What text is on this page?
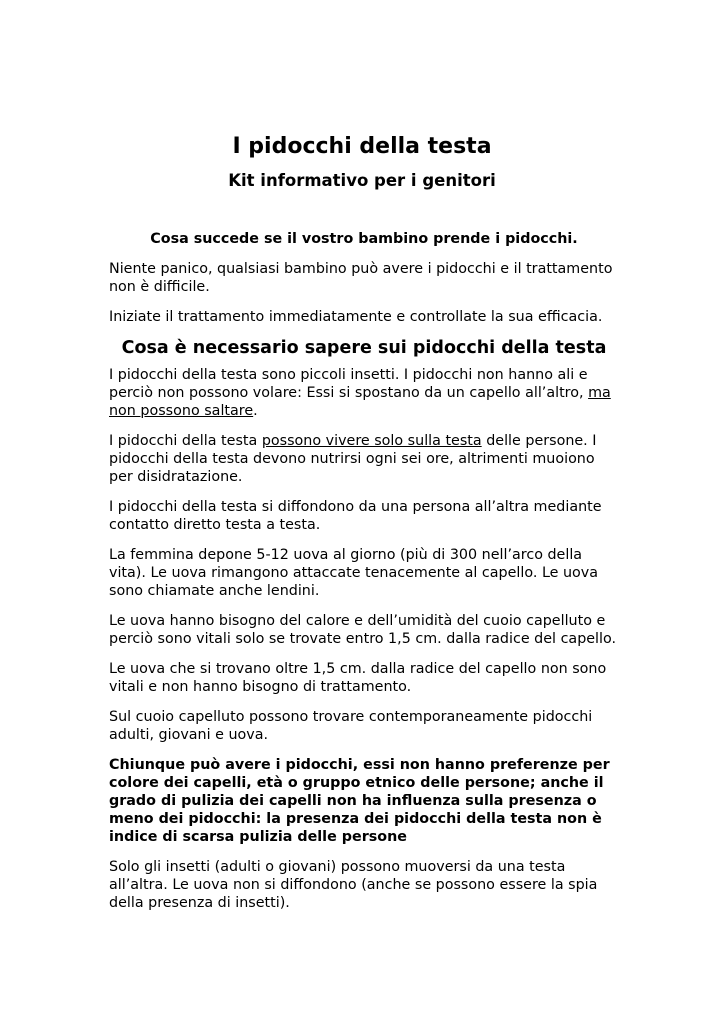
I pidocchi della testa
Kit informativo per i genitori

Cosa succede se il vostro bambino prende i pidocchi.

Niente panico, qualsiasi bambino può avere i pidocchi e il trattamento non è difficile.

Iniziate il trattamento immediatamente e controllate la sua efficacia.

Cosa è necessario sapere sui pidocchi della testa

I pidocchi della testa sono piccoli insetti. I pidocchi non hanno ali e perciò non possono volare: Essi si spostano da un capello all’altro, ma non possono saltare.

I pidocchi della testa possono vivere solo sulla testa delle persone. I pidocchi della testa devono nutrirsi ogni sei ore, altrimenti muoiono per disidratazione.

I pidocchi della testa si diffondono da una persona all’altra mediante contatto diretto testa a testa.

La femmina depone 5-12 uova al giorno (più di 300 nell’arco della vita). Le uova rimangono attaccate tenacemente al capello. Le uova sono chiamate anche lendini.

Le uova hanno bisogno del calore e dell’umidità del cuoio capelluto e perciò sono vitali solo se trovate entro 1,5 cm. dalla radice del capello.

Le uova che si trovano oltre 1,5 cm. dalla radice del capello non sono vitali e non hanno bisogno di trattamento.

Sul cuoio capelluto possono trovare contemporaneamente pidocchi adulti, giovani e uova.

Chiunque può avere i pidocchi, essi non hanno preferenze per colore dei capelli, età o gruppo etnico delle persone; anche il grado di pulizia dei capelli non ha influenza sulla presenza o meno dei pidocchi: la presenza dei pidocchi della testa non è indice di scarsa pulizia delle persone

Solo gli insetti (adulti o giovani) possono muoversi da una testa all’altra. Le uova non si diffondono (anche se possono essere la spia della presenza di insetti).
